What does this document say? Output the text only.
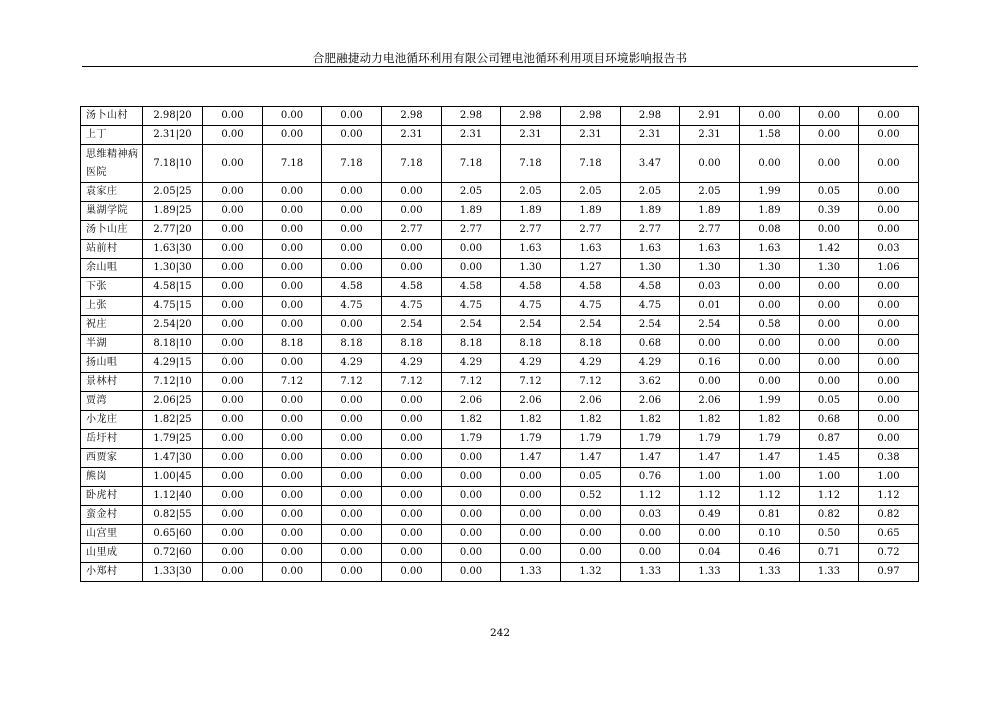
合肥融捷动力电池循环利用有限公司锂电池循环利用项目环境影响报告书
汤卜山村	2.98|20	0.00	0.00	0.00	2.98	2.98	2.98	2.98	2.98	2.91	0.00	0.00	0.00
上丁	2.31|20	0.00	0.00	0.00	2.31	2.31	2.31	2.31	2.31	2.31	1.58	0.00	0.00
思维精神病医院	7.18|10	0.00	7.18	7.18	7.18	7.18	7.18	7.18	3.47	0.00	0.00	0.00	0.00
袁家庄	2.05|25	0.00	0.00	0.00	0.00	2.05	2.05	2.05	2.05	2.05	1.99	0.05	0.00
巢湖学院	1.89|25	0.00	0.00	0.00	0.00	1.89	1.89	1.89	1.89	1.89	1.89	0.39	0.00
汤卜山庄	2.77|20	0.00	0.00	0.00	2.77	2.77	2.77	2.77	2.77	2.77	0.08	0.00	0.00
站前村	1.63|30	0.00	0.00	0.00	0.00	0.00	1.63	1.63	1.63	1.63	1.63	1.42	0.03
余山咀	1.30|30	0.00	0.00	0.00	0.00	0.00	1.30	1.27	1.30	1.30	1.30	1.30	1.06
下张	4.58|15	0.00	0.00	4.58	4.58	4.58	4.58	4.58	4.58	0.03	0.00	0.00	0.00
上张	4.75|15	0.00	0.00	4.75	4.75	4.75	4.75	4.75	4.75	0.01	0.00	0.00	0.00
祝庄	2.54|20	0.00	0.00	0.00	2.54	2.54	2.54	2.54	2.54	2.54	0.58	0.00	0.00
半湖	8.18|10	0.00	8.18	8.18	8.18	8.18	8.18	8.18	0.68	0.00	0.00	0.00	0.00
扬山咀	4.29|15	0.00	0.00	4.29	4.29	4.29	4.29	4.29	4.29	0.16	0.00	0.00	0.00
景林村	7.12|10	0.00	7.12	7.12	7.12	7.12	7.12	7.12	3.62	0.00	0.00	0.00	0.00
贾湾	2.06|25	0.00	0.00	0.00	0.00	2.06	2.06	2.06	2.06	2.06	1.99	0.05	0.00
小龙庄	1.82|25	0.00	0.00	0.00	0.00	1.82	1.82	1.82	1.82	1.82	1.82	0.68	0.00
岳圩村	1.79|25	0.00	0.00	0.00	0.00	1.79	1.79	1.79	1.79	1.79	1.79	0.87	0.00
西贾家	1.47|30	0.00	0.00	0.00	0.00	0.00	1.47	1.47	1.47	1.47	1.47	1.45	0.38
熊岗	1.00|45	0.00	0.00	0.00	0.00	0.00	0.00	0.05	0.76	1.00	1.00	1.00	1.00
卧虎村	1.12|40	0.00	0.00	0.00	0.00	0.00	0.00	0.52	1.12	1.12	1.12	1.12	1.12
蛮金村	0.82|55	0.00	0.00	0.00	0.00	0.00	0.00	0.00	0.03	0.49	0.81	0.82	0.82
山宫里	0.65|60	0.00	0.00	0.00	0.00	0.00	0.00	0.00	0.00	0.00	0.10	0.50	0.65
山里成	0.72|60	0.00	0.00	0.00	0.00	0.00	0.00	0.00	0.00	0.04	0.46	0.71	0.72
小郑村	1.33|30	0.00	0.00	0.00	0.00	0.00	1.33	1.32	1.33	1.33	1.33	1.33	0.97
242
